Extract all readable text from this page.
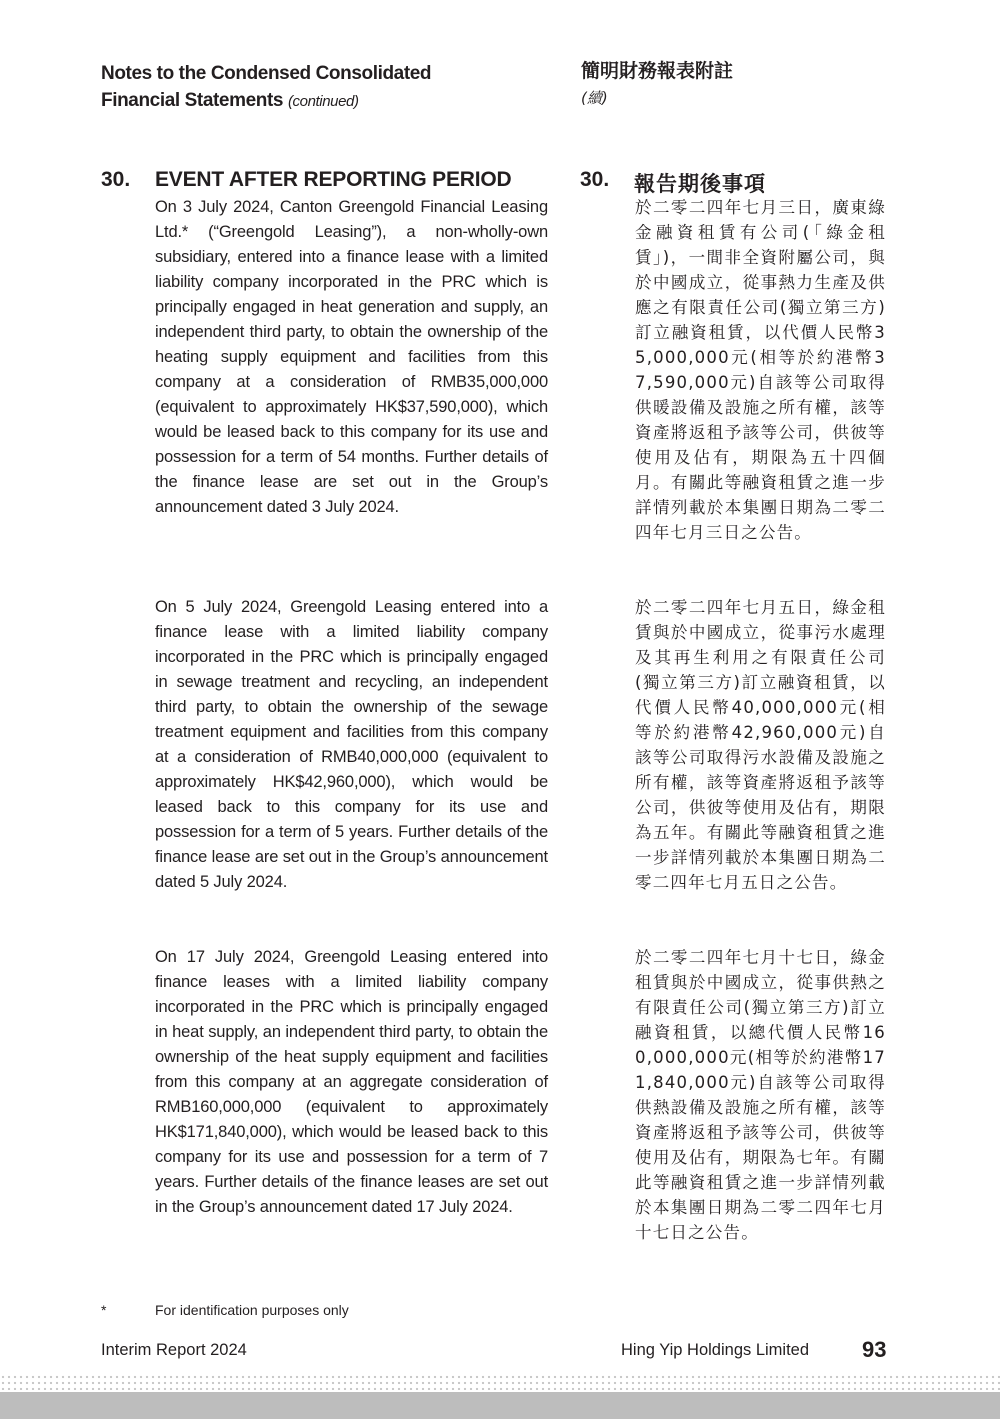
Notes to the Condensed Consolidated
Financial Statements (continued)
簡明財務報表附註
(續)
30. EVENT AFTER REPORTING PERIOD	30. 報告期後事項

On 3 July 2024, Canton Greengold Financial Leasing Ltd.* (“Greengold Leasing”), a non-wholly-own subsidiary, entered into a finance lease with a limited liability company incorporated in the PRC which is principally engaged in heat generation and supply, an independent third party, to obtain the ownership of the heating supply equipment and facilities from this company at a consideration of RMB35,000,000 (equivalent to approximately HK$37,590,000), which would be leased back to this company for its use and possession for a term of 54 months. Further details of the finance lease are set out in the Group’s announcement dated 3 July 2024.

On 5 July 2024, Greengold Leasing entered into a finance lease with a limited liability company incorporated in the PRC which is principally engaged in sewage treatment and recycling, an independent third party, to obtain the ownership of the sewage treatment equipment and facilities from this company at a consideration of RMB40,000,000 (equivalent to approximately HK$42,960,000), which would be leased back to this company for its use and possession for a term of 5 years. Further details of the finance lease are set out in the Group’s announcement dated 5 July 2024.

On 17 July 2024, Greengold Leasing entered into finance leases with a limited liability company incorporated in the PRC which is principally engaged in heat supply, an independent third party, to obtain the ownership of the heat supply equipment and facilities from this company at an aggregate consideration of RMB160,000,000 (equivalent to approximately HK$171,840,000), which would be leased back to this company for its use and possession for a term of 7 years. Further details of the finance leases are set out in the Group’s announcement dated 17 July 2024.

於二零二四年七月三日，廣東綠金融資租賃有公司(「綠金租賃」)，一間非全資附屬公司，與於中國成立，從事熱力生產及供應之有限責任公司(獨立第三方)訂立融資租賃，以代價人民幣35,000,000元(相等於約港幣37,590,000元)自該等公司取得供暖設備及設施之所有權，該等資產將返租予該等公司，供彼等使用及佔有，期限為五十四個月。有關此等融資租賃之進一步詳情列載於本集團日期為二零二四年七月三日之公告。

於二零二四年七月五日，綠金租賃與於中國成立，從事污水處理及其再生利用之有限責任公司(獨立第三方)訂立融資租賃，以代價人民幣40,000,000元(相等於約港幣42,960,000元)自該等公司取得污水設備及設施之所有權，該等資產將返租予該等公司，供彼等使用及佔有，期限為五年。有關此等融資租賃之進一步詳情列載於本集團日期為二零二四年七月五日之公告。

於二零二四年七月十七日，綠金租賃與於中國成立，從事供熱之有限責任公司(獨立第三方)訂立融資租賃，以總代價人民幣160,000,000元(相等於約港幣171,840,000元)自該等公司取得供熱設備及設施之所有權，該等資產將返租予該等公司，供彼等使用及佔有，期限為七年。有關此等融資租賃之進一步詳情列載於本集團日期為二零二四年七月十七日之公告。

*	For identification purposes only
Interim Report 2024	Hing Yip Holdings Limited 93
